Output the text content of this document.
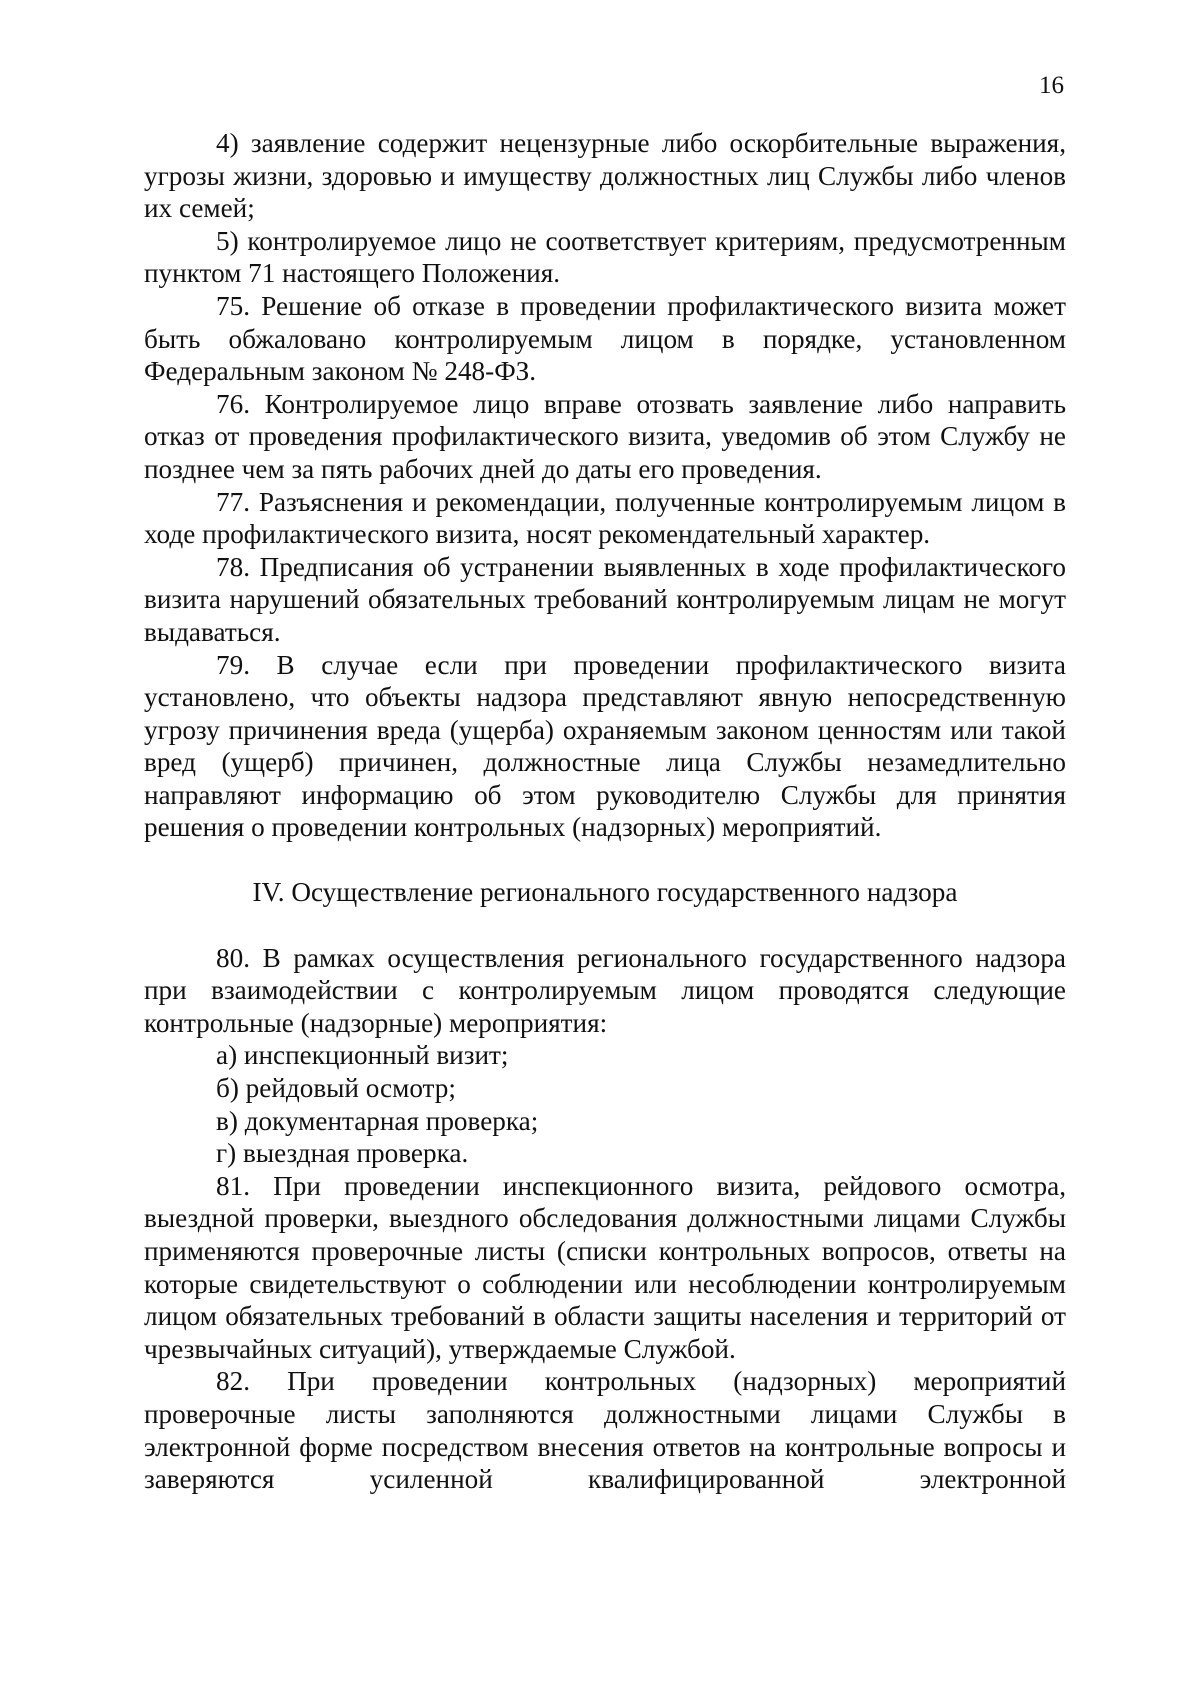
16

4) заявление содержит нецензурные либо оскорбительные выражения, угрозы жизни, здоровью и имуществу должностных лиц Службы либо членов их семей;

5) контролируемое лицо не соответствует критериям, предусмотренным пунктом 71 настоящего Положения.

75. Решение об отказе в проведении профилактического визита может быть обжаловано контролируемым лицом в порядке, установленном Федеральным законом № 248-ФЗ.

76. Контролируемое лицо вправе отозвать заявление либо направить отказ от проведения профилактического визита, уведомив об этом Службу не позднее чем за пять рабочих дней до даты его проведения.

77. Разъяснения и рекомендации, полученные контролируемым лицом в ходе профилактического визита, носят рекомендательный характер.

78. Предписания об устранении выявленных в ходе профилактического визита нарушений обязательных требований контролируемым лицам не могут выдаваться.

79. В случае если при проведении профилактического визита установлено, что объекты надзора представляют явную непосредственную угрозу причинения вреда (ущерба) охраняемым законом ценностям или такой вред (ущерб) причинен, должностные лица Службы незамедлительно направляют информацию об этом руководителю Службы для принятия решения о проведении контрольных (надзорных) мероприятий.

IV. Осуществление регионального государственного надзора

80. В рамках осуществления регионального государственного надзора при взаимодействии с контролируемым лицом проводятся следующие контрольные (надзорные) мероприятия:

а) инспекционный визит;

б) рейдовый осмотр;

в) документарная проверка;

г) выездная проверка.

81. При проведении инспекционного визита, рейдового осмотра, выездной проверки, выездного обследования должностными лицами Службы применяются проверочные листы (списки контрольных вопросов, ответы на которые свидетельствуют о соблюдении или несоблюдении контролируемым лицом обязательных требований в области защиты населения и территорий от чрезвычайных ситуаций), утверждаемые Службой.

82. При проведении контрольных (надзорных) мероприятий проверочные листы заполняются должностными лицами Службы в электронной форме посредством внесения ответов на контрольные вопросы и заверяются усиленной квалифицированной электронной
